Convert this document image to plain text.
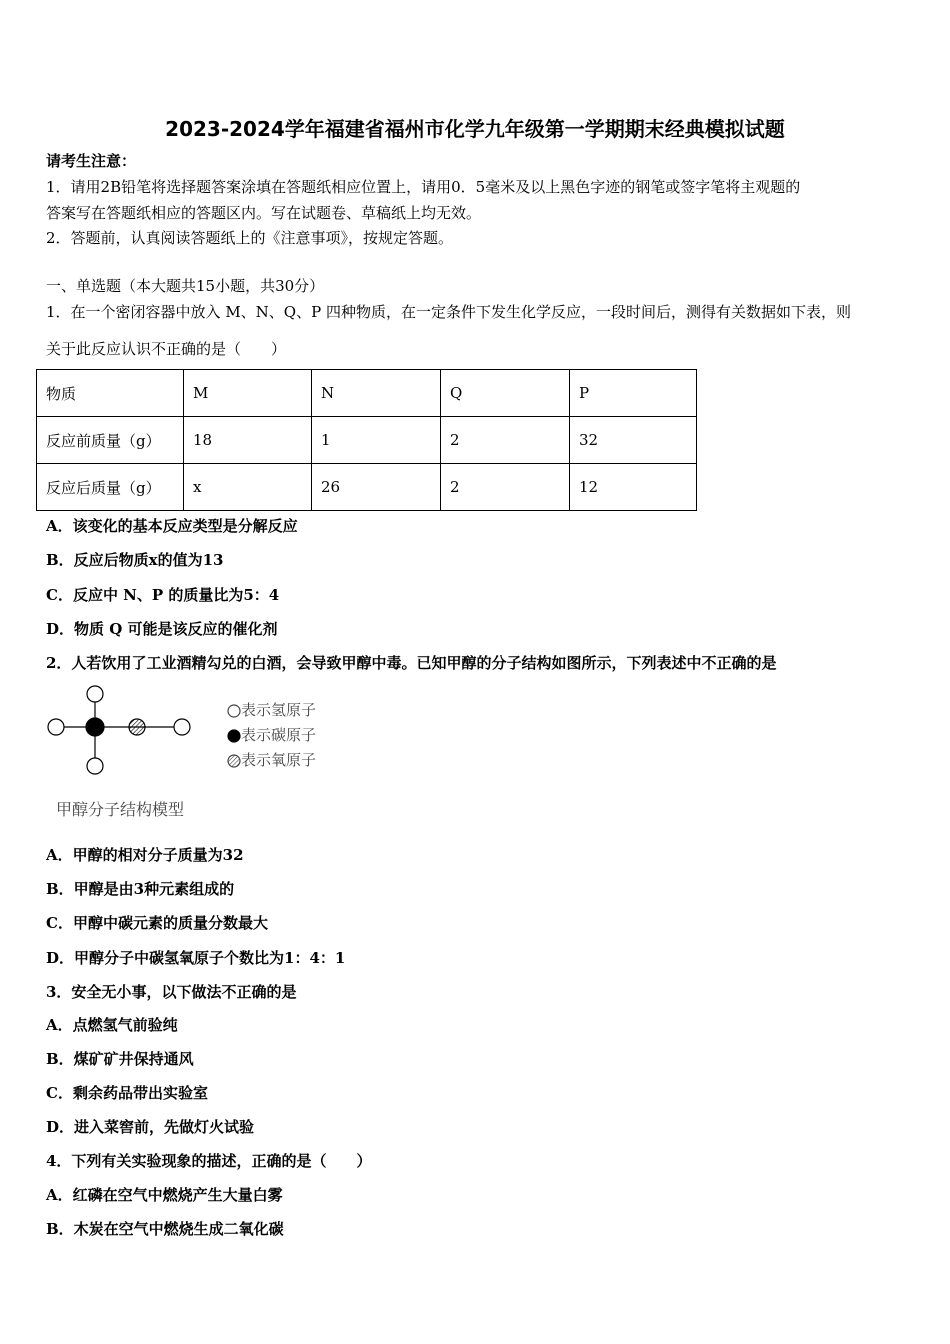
2023-2024学年福建省福州市化学九年级第一学期期末经典模拟试题
请考生注意：
1．请用2B铅笔将选择题答案涂填在答题纸相应位置上，请用0．5毫米及以上黑色字迹的钢笔或签字笔将主观题的
答案写在答题纸相应的答题区内。写在试题卷、草稿纸上均无效。
2．答题前，认真阅读答题纸上的《注意事项》，按规定答题。
一、单选题（本大题共15小题，共30分）
1．在一个密闭容器中放入 M、N、Q、P 四种物质，在一定条件下发生化学反应，一段时间后，测得有关数据如下表，则
关于此反应认识不正确的是（　　）
物质	M	N	Q	P
反应前质量（g）	18	1	2	32
反应后质量（g）	x	26	2	12
A．该变化的基本反应类型是分解反应
B．反应后物质x的值为13
C．反应中 N、P 的质量比为5：4
D．物质 Q 可能是该反应的催化剂
2．人若饮用了工业酒精勾兑的白酒，会导致甲醇中毒。已知甲醇的分子结构如图所示，下列表述中不正确的是
表示氢原子
表示碳原子
表示氧原子
甲醇分子结构模型
A．甲醇的相对分子质量为32
B．甲醇是由3种元素组成的
C．甲醇中碳元素的质量分数最大
D．甲醇分子中碳氢氧原子个数比为1：4：1
3．安全无小事，以下做法不正确的是
A．点燃氢气前验纯
B．煤矿矿井保持通风
C．剩余药品带出实验室
D．进入菜窖前，先做灯火试验
4．下列有关实验现象的描述，正确的是（　　）
A．红磷在空气中燃烧产生大量白雾
B．木炭在空气中燃烧生成二氧化碳
